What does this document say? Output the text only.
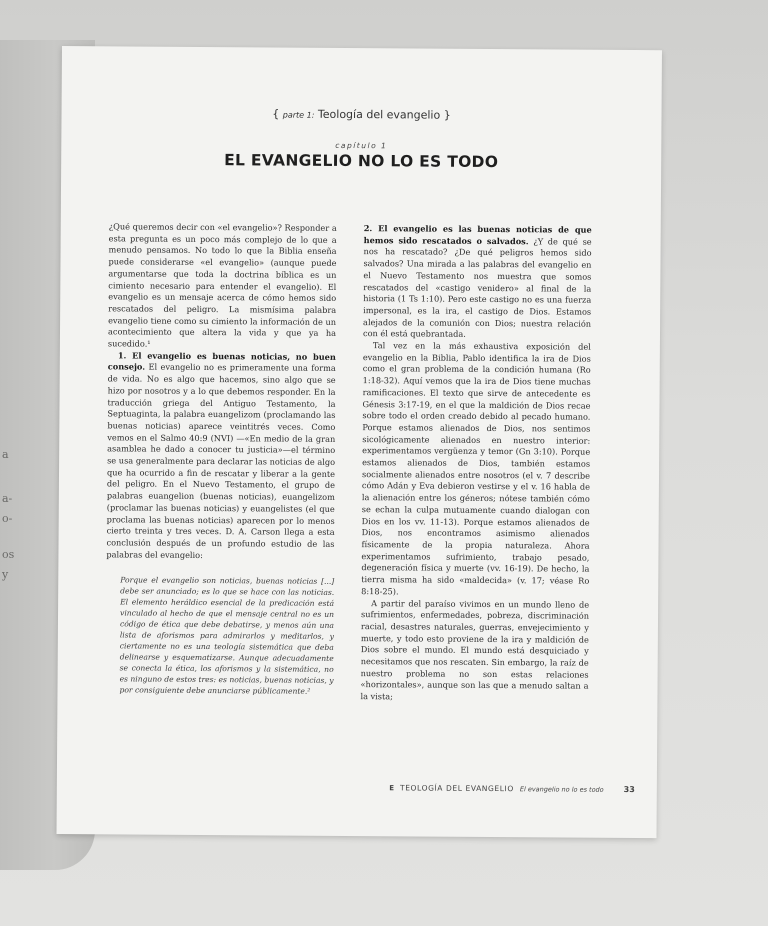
a
a-
o-
os
y
{ parte 1: Teología del evangelio }
capítulo 1
EL EVANGELIO NO LO ES TODO

¿Qué queremos decir con «el evangelio»? Responder a esta pregunta es un poco más complejo de lo que a menudo pensamos. No todo lo que la Biblia enseña puede considerarse «el evangelio» (aunque puede argumentarse que toda la doctrina bíblica es un cimiento necesario para entender el evangelio). El evangelio es un mensaje acerca de cómo hemos sido rescatados del peligro. La mismísima palabra evangelio tiene como su cimiento la información de un acontecimiento que altera la vida y que ya ha sucedido.¹

1. El evangelio es buenas noticias, no buen consejo. El evangelio no es primeramente una forma de vida. No es algo que hacemos, sino algo que se hizo por nosotros y a lo que debemos responder. En la traducción griega del Antiguo Testamento, la Septuaginta, la palabra euangelizom (proclamando las buenas noticias) aparece veintitrés veces. Como vemos en el Salmo 40:9 (NVI) —«En medio de la gran asamblea he dado a conocer tu justicia»—el término se usa generalmente para declarar las noticias de algo que ha ocurrido a fin de rescatar y liberar a la gente del peligro. En el Nuevo Testamento, el grupo de palabras euangelion (buenas noticias), euangelizom (proclamar las buenas noticias) y euangelistes (el que proclama las buenas noticias) aparecen por lo menos cierto treinta y tres veces. D. A. Carson llega a esta conclusión después de un profundo estudio de las palabras del evangelio:

Porque el evangelio son noticias, buenas noticias [...] debe ser anunciado; es lo que se hace con las noticias. El elemento heráldico esencial de la predicación está vinculado al hecho de que el mensaje central no es un código de ética que debe debatirse, y menos aún una lista de aforismos para admirarlos y meditarlos, y ciertamente no es una teología sistemática que deba delinearse y esquematizarse. Aunque adecuadamente se conecta la ética, los aforismos y la sistemática, no es ninguno de estos tres: es noticias, buenas noticias, y por consiguiente debe anunciarse públicamente.²

2. El evangelio es las buenas noticias de que hemos sido rescatados o salvados. ¿Y de qué se nos ha rescatado? ¿De qué peligros hemos sido salvados? Una mirada a las palabras del evangelio en el Nuevo Testamento nos muestra que somos rescatados del «castigo venidero» al final de la historia (1 Ts 1:10). Pero este castigo no es una fuerza impersonal, es la ira, el castigo de Dios. Estamos alejados de la comunión con Dios; nuestra relación con él está quebrantada.

Tal vez en la más exhaustiva exposición del evangelio en la Biblia, Pablo identifica la ira de Dios como el gran problema de la condición humana (Ro 1:18-32). Aquí vemos que la ira de Dios tiene muchas ramificaciones. El texto que sirve de antecedente es Génesis 3:17-19, en el que la maldición de Dios recae sobre todo el orden creado debido al pecado humano. Porque estamos alienados de Dios, nos sentimos sicológicamente alienados en nuestro interior: experimentamos vergüenza y temor (Gn 3:10). Porque estamos alienados de Dios, también estamos socialmente alienados entre nosotros (el v. 7 describe cómo Adán y Eva debieron vestirse y el v. 16 habla de la alienación entre los géneros; nótese también cómo se echan la culpa mutuamente cuando dialogan con Dios en los vv. 11-13). Porque estamos alienados de Dios, nos encontramos asimismo alienados físicamente de la propia naturaleza. Ahora experimentamos sufrimiento, trabajo pesado, degeneración física y muerte (vv. 16-19). De hecho, la tierra misma ha sido «maldecida» (v. 17; véase Ro 8:18-25).

A partir del paraíso vivimos en un mundo lleno de sufrimientos, enfermedades, pobreza, discriminación racial, desastres naturales, guerras, envejecimiento y muerte, y todo esto proviene de la ira y maldición de Dios sobre el mundo. El mundo está desquiciado y necesitamos que nos rescaten. Sin embargo, la raíz de nuestro problema no son estas relaciones «horizontales», aunque son las que a menudo saltan a la vista;

E TEOLOGÍA DEL EVANGELIO El evangelio no lo es todo 33
